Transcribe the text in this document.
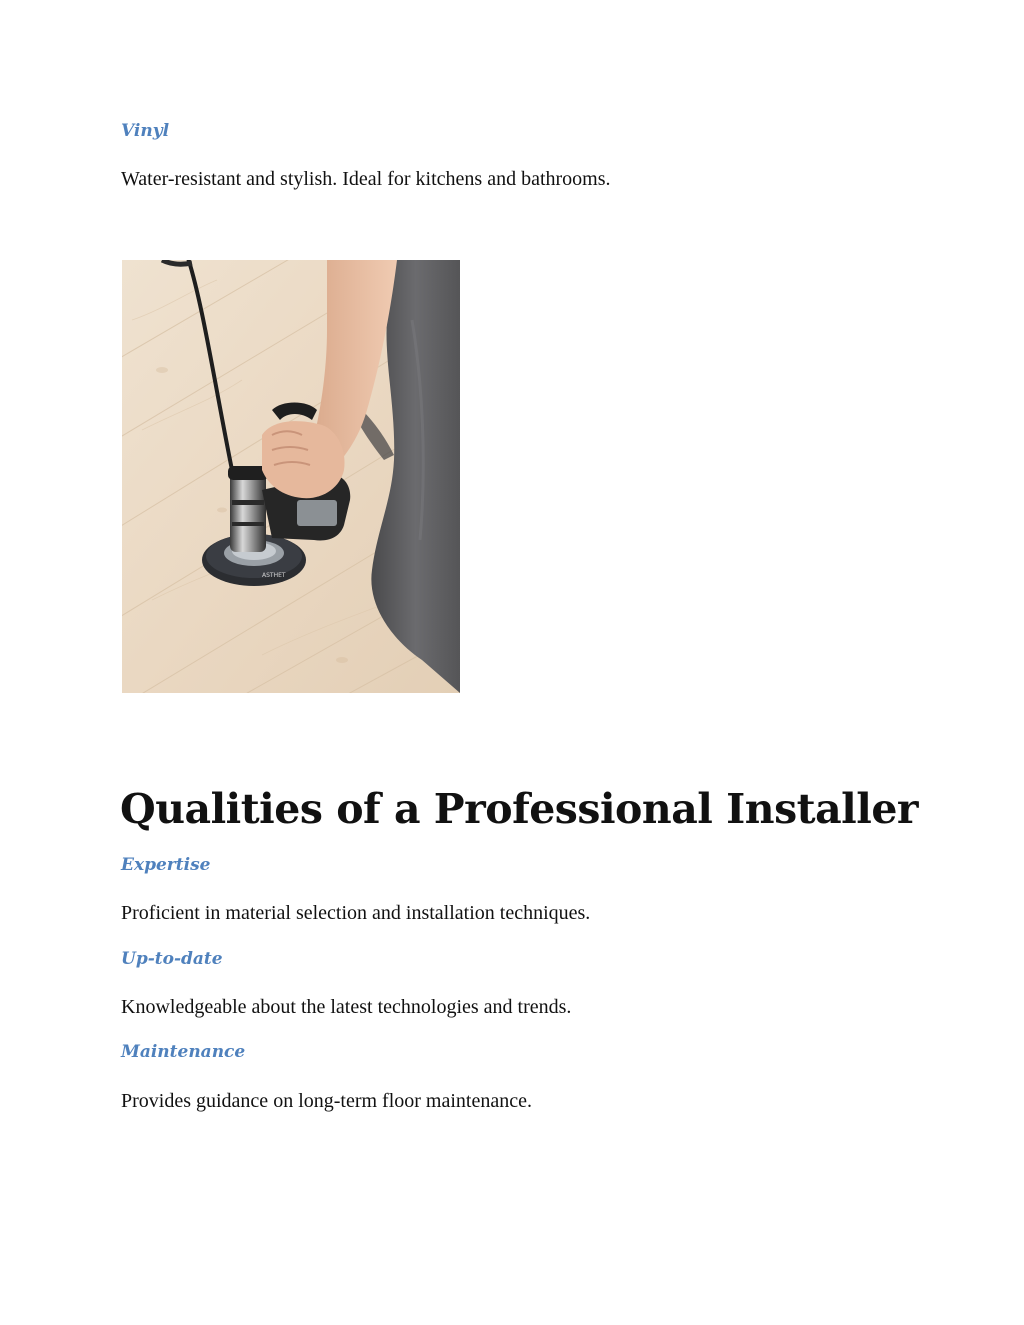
Vinyl

Water-resistant and stylish. Ideal for kitchens and bathrooms.

ASTHET
Qualities of a Professional Installer
Expertise

Proficient in material selection and installation techniques.

Up-to-date

Knowledgeable about the latest technologies and trends.

Maintenance

Provides guidance on long-term floor maintenance.
